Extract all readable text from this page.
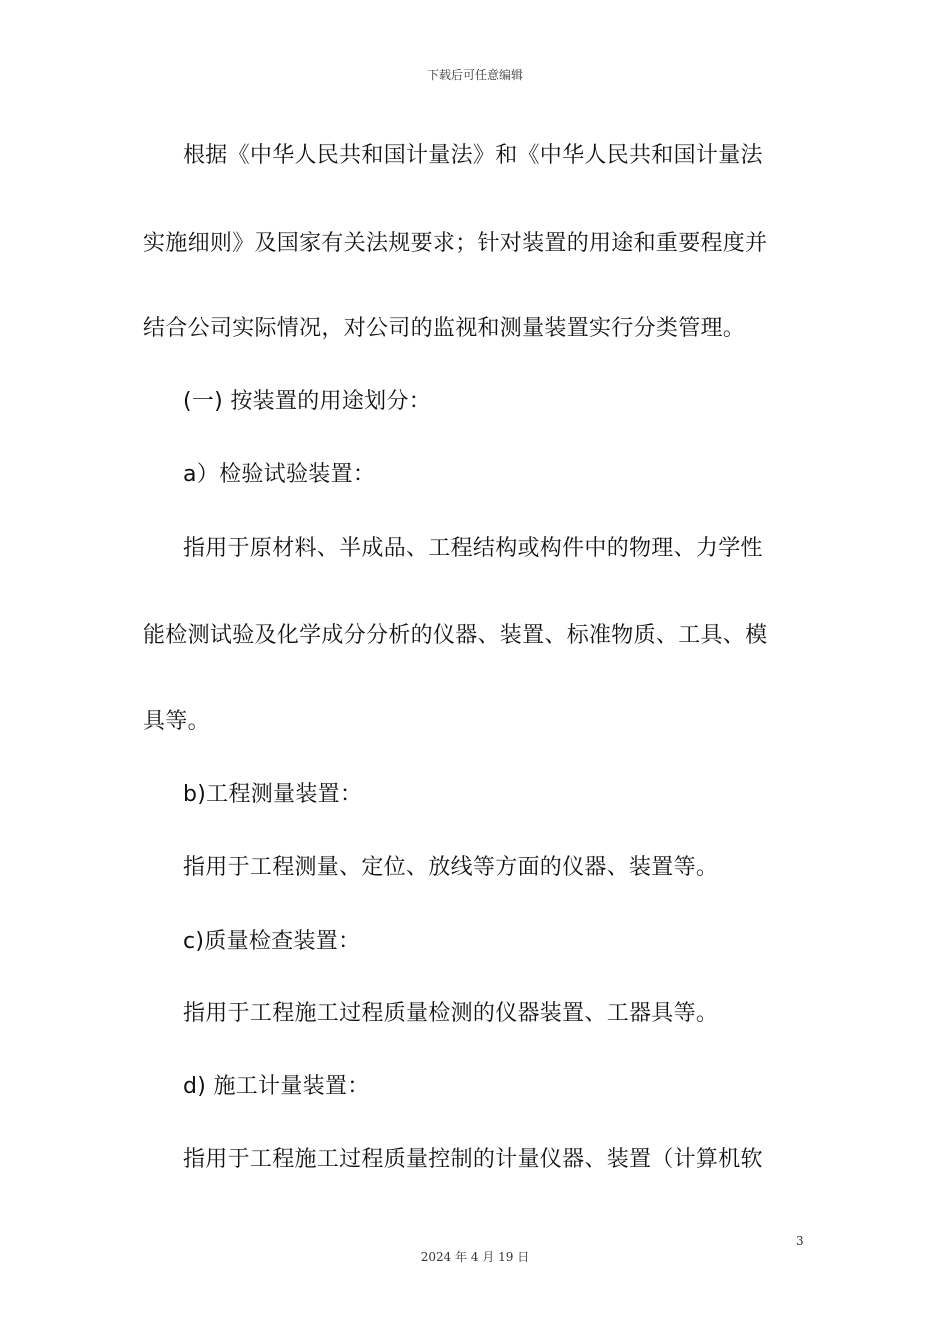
下载后可任意编辑
根据《中华人民共和国计量法》和《中华人民共和国计量法
实施细则》及国家有关法规要求；针对装置的用途和重要程度并
结合公司实际情况，对公司的监视和测量装置实行分类管理。
(一) 按装置的用途划分：
a）检验试验装置：
指用于原材料、半成品、工程结构或构件中的物理、力学性
能检测试验及化学成分分析的仪器、装置、标准物质、工具、模
具等。
b)工程测量装置：
指用于工程测量、定位、放线等方面的仪器、装置等。
c)质量检查装置：
指用于工程施工过程质量检测的仪器装置、工器具等。
d) 施工计量装置：
指用于工程施工过程质量控制的计量仪器、装置（计算机软
3
2024 年 4 月 19 日
